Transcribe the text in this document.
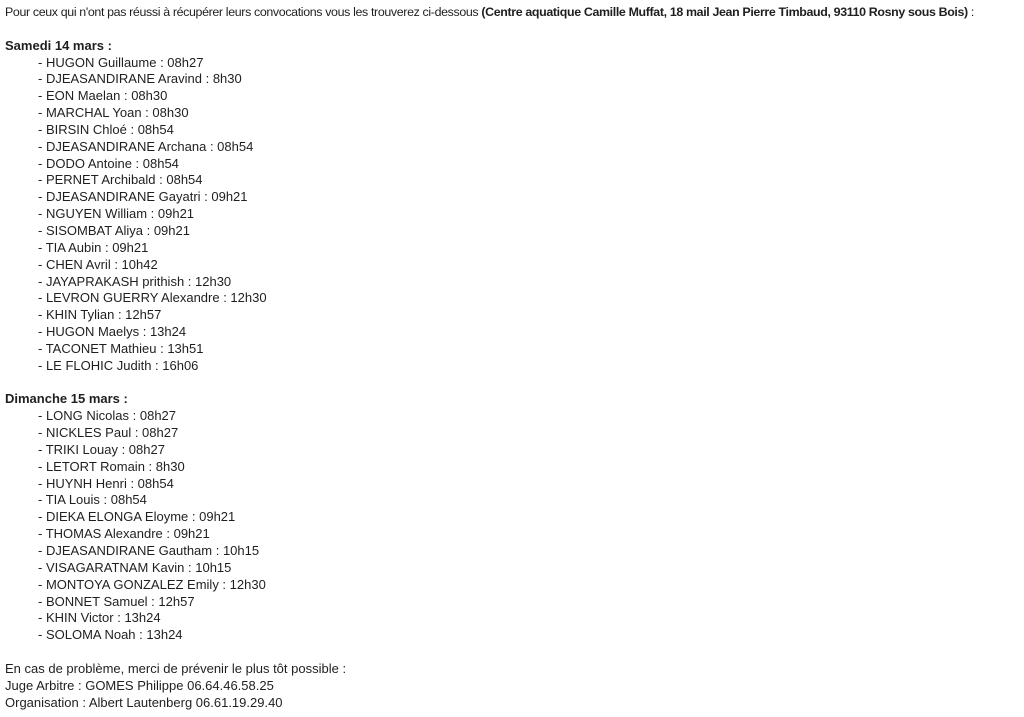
Pour ceux qui n'ont pas réussi à récupérer leurs convocations vous les trouverez ci-dessous (Centre aquatique Camille Muffat, 18 mail Jean Pierre Timbaud, 93110 Rosny sous Bois) :

Samedi 14 mars :

- HUGON Guillaume : 08h27
- DJEASANDIRANE Aravind : 8h30
- EON Maelan : 08h30
- MARCHAL Yoan : 08h30
- BIRSIN Chloé : 08h54
- DJEASANDIRANE Archana : 08h54
- DODO Antoine : 08h54
- PERNET Archibald : 08h54
- DJEASANDIRANE Gayatri : 09h21
- NGUYEN William : 09h21
- SISOMBAT Aliya : 09h21
- TIA Aubin : 09h21
- CHEN Avril : 10h42
- JAYAPRAKASH prithish : 12h30
- LEVRON GUERRY Alexandre : 12h30
- KHIN Tylian : 12h57
- HUGON Maelys : 13h24
- TACONET Mathieu : 13h51
- LE FLOHIC Judith : 16h06

Dimanche 15 mars :

- LONG Nicolas : 08h27
- NICKLES Paul : 08h27
- TRIKI Louay : 08h27
- LETORT Romain : 8h30
- HUYNH Henri : 08h54
- TIA Louis : 08h54
- DIEKA ELONGA Eloyme : 09h21
- THOMAS Alexandre : 09h21
- DJEASANDIRANE Gautham : 10h15
- VISAGARATNAM Kavin : 10h15
- MONTOYA GONZALEZ Emily : 12h30
- BONNET Samuel : 12h57
- KHIN Victor : 13h24
- SOLOMA Noah : 13h24

En cas de problème, merci de prévenir le plus tôt possible :

Juge Arbitre : GOMES Philippe 06.64.46.58.25

Organisation : Albert Lautenberg 06.61.19.29.40
